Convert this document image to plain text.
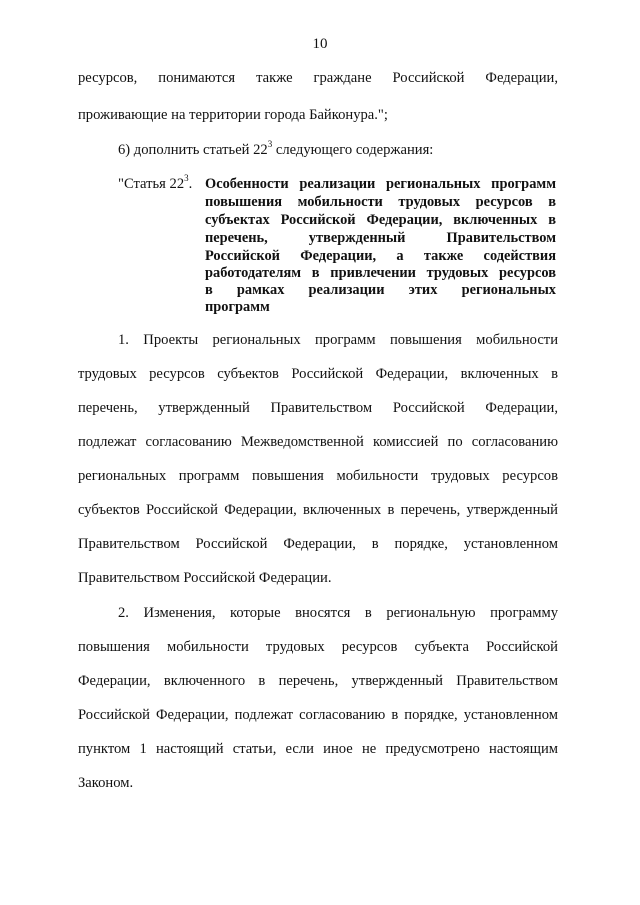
10
ресурсов, понимаются также граждане Российской Федерации,
проживающие на территории города Байконура.";
6) дополнить статьей $22^3$ следующего содержания:
"Статья $22^3$. Особенности реализации региональных программ
повышения мобильности трудовых ресурсов в
субъектах Российской Федерации, включенных в
перечень, утвержденный Правительством
Российской Федерации, а также содействия
работодателям в привлечении трудовых ресурсов
в рамках реализации этих региональных
программ
1. Проекты региональных программ повышения мобильности
трудовых ресурсов субъектов Российской Федерации, включенных в
перечень, утвержденный Правительством Российской Федерации,
подлежат согласованию Межведомственной комиссией по согласованию
региональных программ повышения мобильности трудовых ресурсов
субъектов Российской Федерации, включенных в перечень, утвержденный
Правительством Российской Федерации, в порядке, установленном
Правительством Российской Федерации.
2. Изменения, которые вносятся в региональную программу
повышения мобильности трудовых ресурсов субъекта Российской
Федерации, включенного в перечень, утвержденный Правительством
Российской Федерации, подлежат согласованию в порядке, установленном
пунктом 1 настоящий статьи, если иное не предусмотрено настоящим
Законом.
